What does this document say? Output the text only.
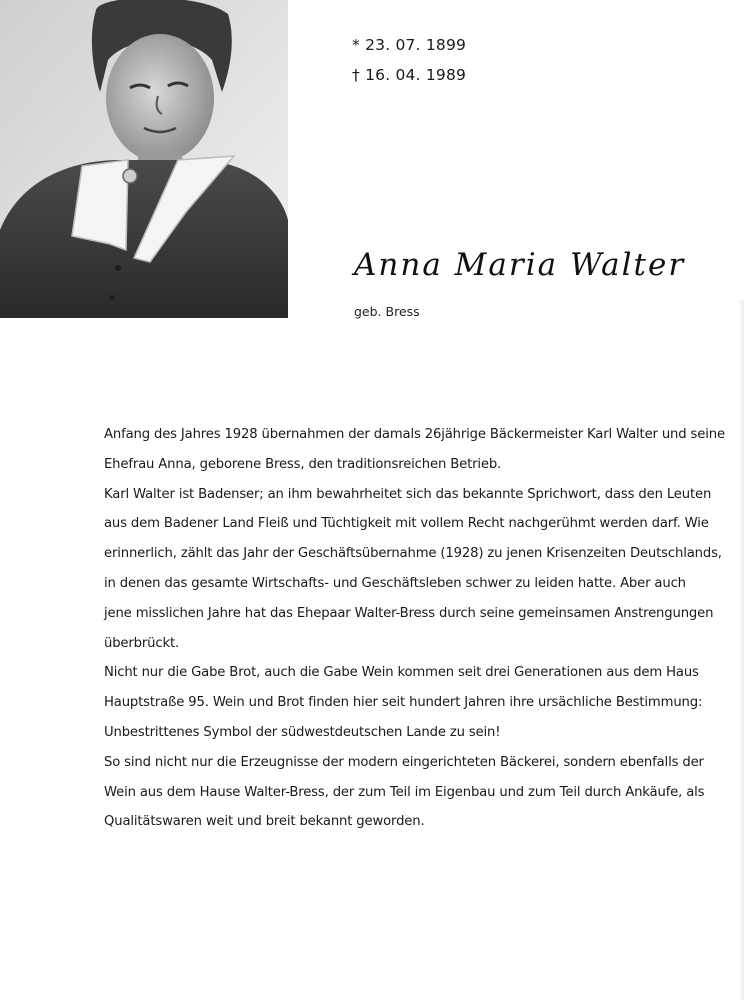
* 23. 07. 1899
† 16. 04. 1989
Anna Maria Walter
geb. Bress

Anfang des Jahres 1928 übernahmen der damals 26jährige Bäckermeister Karl Walter und seine

Ehefrau Anna, geborene Bress, den traditionsreichen Betrieb.

Karl Walter ist Badenser; an ihm bewahrheitet sich das bekannte Sprichwort, dass den Leuten

aus dem Badener Land Fleiß und Tüchtigkeit mit vollem Recht nachgerühmt werden darf. Wie

erinnerlich, zählt das Jahr der Geschäftsübernahme (1928) zu jenen Krisenzeiten Deutschlands,

in denen das gesamte Wirtschafts- und Geschäftsleben schwer zu leiden hatte. Aber auch

jene misslichen Jahre hat das Ehepaar Walter-Bress durch seine gemeinsamen Anstrengungen

überbrückt.

Nicht nur die Gabe Brot, auch die Gabe Wein kommen seit drei Generationen aus dem Haus

Hauptstraße 95. Wein und Brot finden hier seit hundert Jahren ihre ursächliche Bestimmung:

Unbestrittenes Symbol der südwestdeutschen Lande zu sein!

So sind nicht nur die Erzeugnisse der modern eingerichteten Bäckerei, sondern ebenfalls der

Wein aus dem Hause Walter-Bress, der zum Teil im Eigenbau und zum Teil durch Ankäufe, als

Qualitätswaren weit und breit bekannt geworden.
